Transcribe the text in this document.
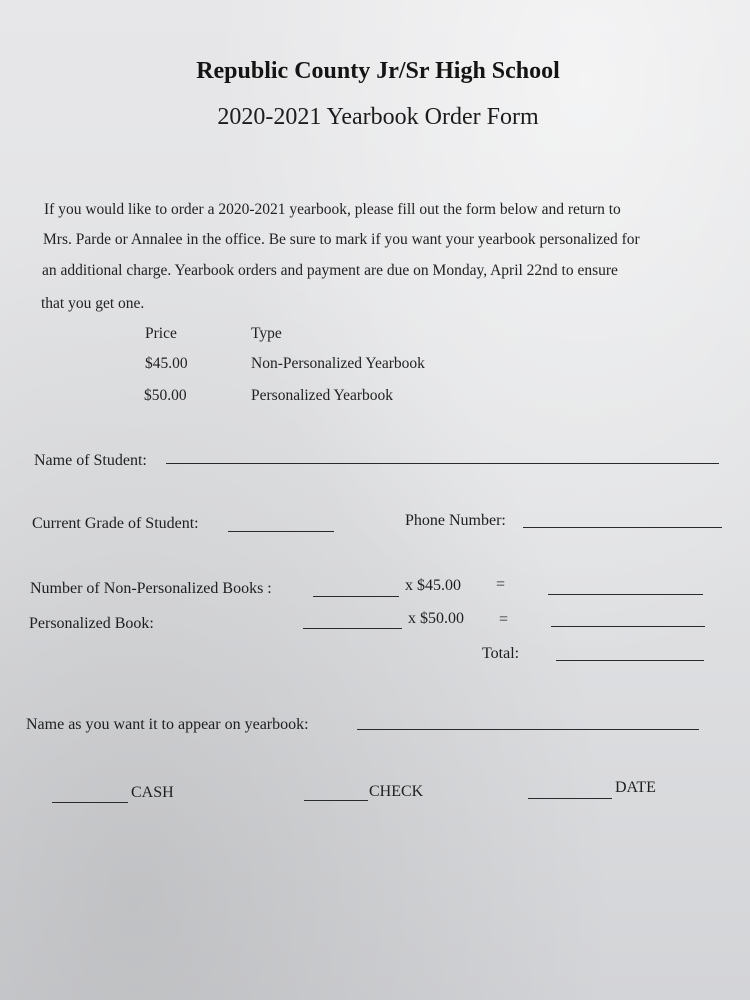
Republic County Jr/Sr High School
2020-2021 Yearbook Order Form
If you would like to order a 2020-2021 yearbook, please fill out the form below and return to
Mrs. Parde or Annalee in the office. Be sure to mark if you want your yearbook personalized for
an additional charge. Yearbook orders and payment are due on Monday, April 22nd to ensure
that you get one.
Price	Type
$45.00	Non-Personalized Yearbook
$50.00	Personalized Yearbook
Name of Student:
Current Grade of Student:	Phone Number:
Number of Non-Personalized Books :	x $45.00 =
Personalized Book:	x $50.00 =
Total:
Name as you want it to appear on yearbook:
CASH	CHECK	DATE
